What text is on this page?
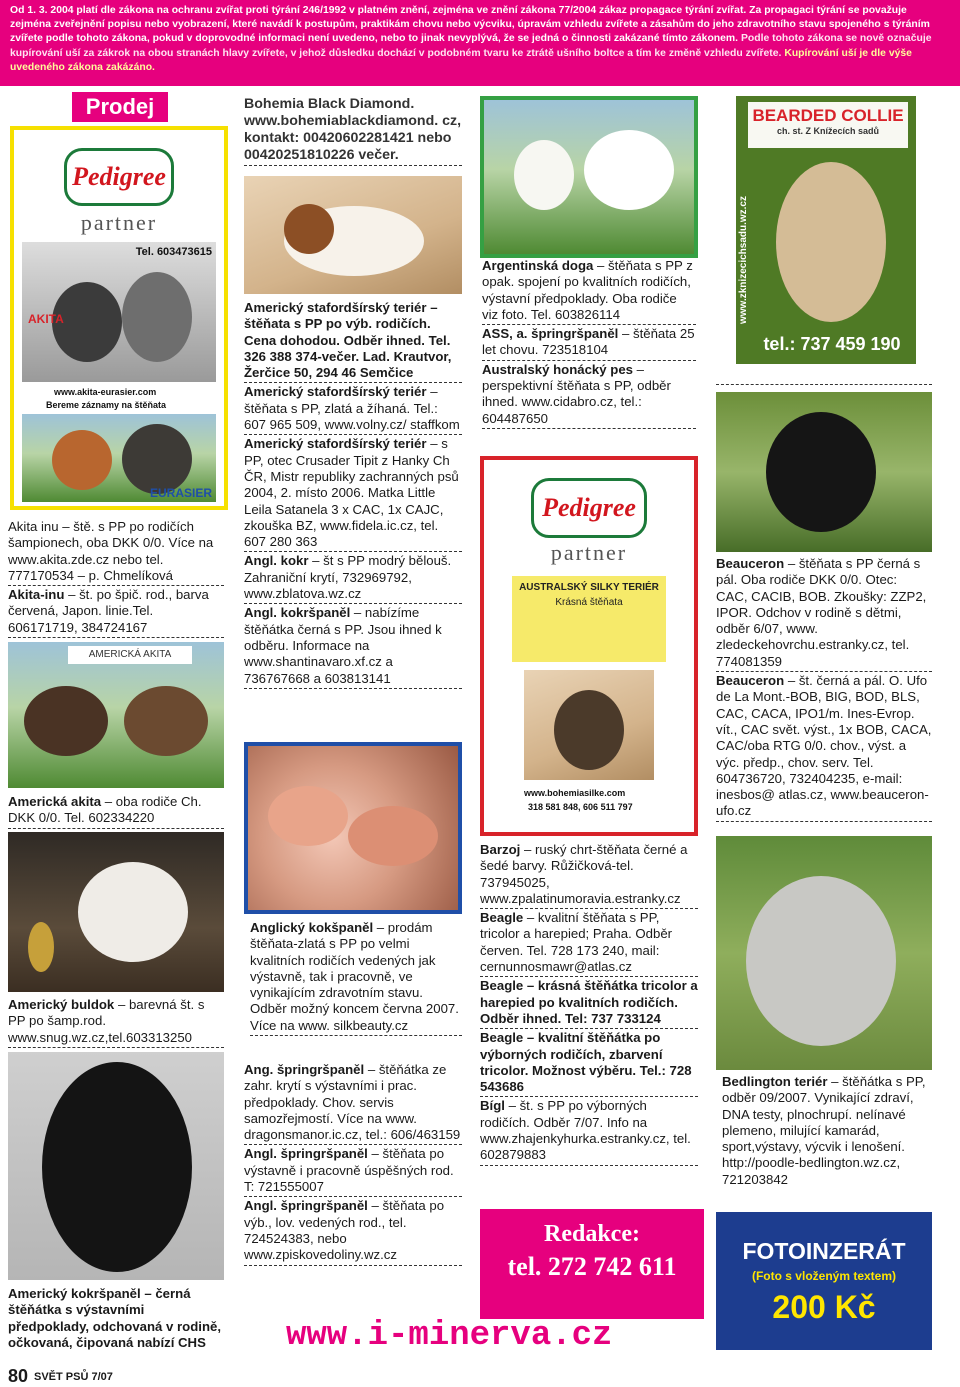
Od 1. 3. 2004 platí dle zákona na ochranu zvířat proti týrání 246/1992 v platném znění, zejména ve znění zákona 77/2004 zákaz propagace týrání zvířat. Za propagaci týrání se považuje zejména zveřejnění popisu nebo vyobrazení, které navádí k postupům, praktikám chovu nebo výcviku, úpravám vzhledu zvířete a zásahům do jeho zdravotního stavu spojeného s týráním zvířete podle tohoto zákona, pokud v doprovodné informaci není uvedeno, nebo to jinak nevyplývá, že se jedná o činnosti zakázané tímto zákonem. Podle tohoto zákona se nově označuje kupírování uší za zákrok na obou stranách hlavy zvířete, v jehož důsledku dochází v podobném tvaru ke ztrátě ušního boltce a tím ke změně vzhledu zvířete. Kupírování uší je dle výše uvedeného zákona zakázáno.
Prodej
Pedigree
partner
Tel. 603473615
AKITA
www.akita-eurasier.com
Bereme záznamy na štěňata
EURASIER
Akita inu – ště. s PP po rodičích šampionech, oba DKK 0/0. Více na www.akita.zde.cz nebo tel. 777170534 – p. Chmelíková
Akita-inu – št. po špič. rod., barva červená, Japon. linie.Tel. 606171719, 384724167
AMERICKÁ AKITA
Americká akita – oba rodiče Ch. DKK 0/0. Tel. 602334220
Americký buldok – barevná št. s PP po šamp.rod. www.snug.wz.cz,tel.603313250
Americký kokršpaněl – černá štěňátka s výstavními předpoklady, odchovaná v rodině, očkovaná, čipovaná nabízí CHS
Bohemia Black Diamond. www.bohemiablackdiamond. cz, kontakt: 00420602281421 nebo 00420251810226 večer.
Americký stafordšírský teriér – štěňata s PP po výb. rodičích. Cena dohodou. Odběr ihned. Tel. 326 388 374-večer. Lad. Krautvor, Žerčice 50, 294 46 Semčice
Americký stafordšírský teriér – štěňata s PP, zlatá a žíhaná. Tel.: 607 965 509, www.volny.cz/ staffkom
Americký stafordšírský teriér – s PP, otec Crusader Tipit z Hanky Ch ČR, Mistr republiky zachranných psů 2004, 2. místo 2006. Matka Little Leila Satanela 3 x CAC, 1x CAJC, zkouška BZ, www.fidela.ic.cz, tel. 607 280 363
Angl. kokr – št s PP modrý bělouš. Zahraniční krytí, 732969792, www.zblatova.wz.cz
Angl. kokršpaněl – nabízíme štěňátka černá s PP. Jsou ihned k odběru. Informace na www.shantinavaro.xf.cz a 736767668 a 603813141
Anglický kokšpaněl – prodám štěňata-zlatá s PP po velmi kvalitních rodičích vedených jak výstavně, tak i pracovně, ve vynikajícím zdravotním stavu. Odběr možný koncem června 2007. Více na www. silkbeauty.cz
Ang. špringršpaněl – štěňátka ze zahr. krytí s výstavními i prac. předpoklady. Chov. servis samozřejmostí. Více na www. dragonsmanor.ic.cz, tel.: 606/463159
Angl. špringršpaněl – štěňata po výstavně i pracovně úspěšných rod. T: 721555007
Angl. špringršpaněl – štěňata po výb., lov. vedených rod., tel. 724524383, nebo www.zpiskovedoliny.wz.cz
Argentinská doga – štěňata s PP z opak. spojení po kvalitních rodičích, výstavní předpoklady. Oba rodiče viz foto. Tel. 603826114
ASS, a. špringršpaněl – štěňata 25 let chovu. 723518104
Australský honácký pes – perspektivní štěňata s PP, odběr ihned. www.cidabro.cz, tel.: 604487650
Pedigree
partner
AUSTRALSKÝ SILKY TERIÉR
Krásná štěňata
www.bohemiasilke.com
318 581 848, 606 511 797
Barzoj – ruský chrt-štěňata černé a šedé barvy. Růžičková-tel. 737945025, www.zpalatinumoravia.estranky.cz
Beagle – kvalitní štěňata s PP, tricolor a harepied; Praha. Odběr červen. Tel. 728 173 240, mail: cernunnosmawr@atlas.cz
Beagle – krásná štěňátka tricolor a harepied po kvalitních rodičích. Odběr ihned. Tel: 737 733124
Beagle – kvalitní štěňátka po výborných rodičích, zbarvení tricolor. Možnost výběru. Tel.: 728 543686
Bígl – št. s PP po výborných rodičích. Odběr 7/07. Info na www.zhajenkyhurka.estranky.cz, tel. 602879883
Redakce:
tel. 272 742 611
BEARDED COLLIE
ch. st. Z Knížecích sadů
www.zknizecichsadu.wz.cz
tel.: 737 459 190
Beauceron – štěňata s PP černá s pál. Oba rodiče DKK 0/0. Otec: CAC, CACIB, BOB. Zkoušky: ZZP2, IPOR. Odchov v rodině s dětmi, odběr 6/07, www. zledeckehovrchu.estranky.cz, tel. 774081359
Beauceron – št. černá a pál. O. Ufo de La Mont.-BOB, BIG, BOD, BLS, CAC, CACA, IPO1/m. Ines-Evrop. vít., CAC svět. výst., 1x BOB, CACA, CAC/oba RTG 0/0. chov., výst. a výc. předp., chov. serv. Tel. 604736720, 732404235, e-mail: inesbos@ atlas.cz, www.beauceron-ufo.cz
Bedlington teriér – štěňátka s PP, odběr 09/2007. Vynikající zdraví, DNA testy, plnochrupí. nelínavé plemeno, milující kamarád, sport,výstavy, výcvik i lenošení. http://poodle-bedlington.wz.cz, 721203842
FOTOINZERÁT
(Foto s vloženým textem)
200 Kč
www.i-minerva.cz
80 SVĚT PSŮ 7/07
